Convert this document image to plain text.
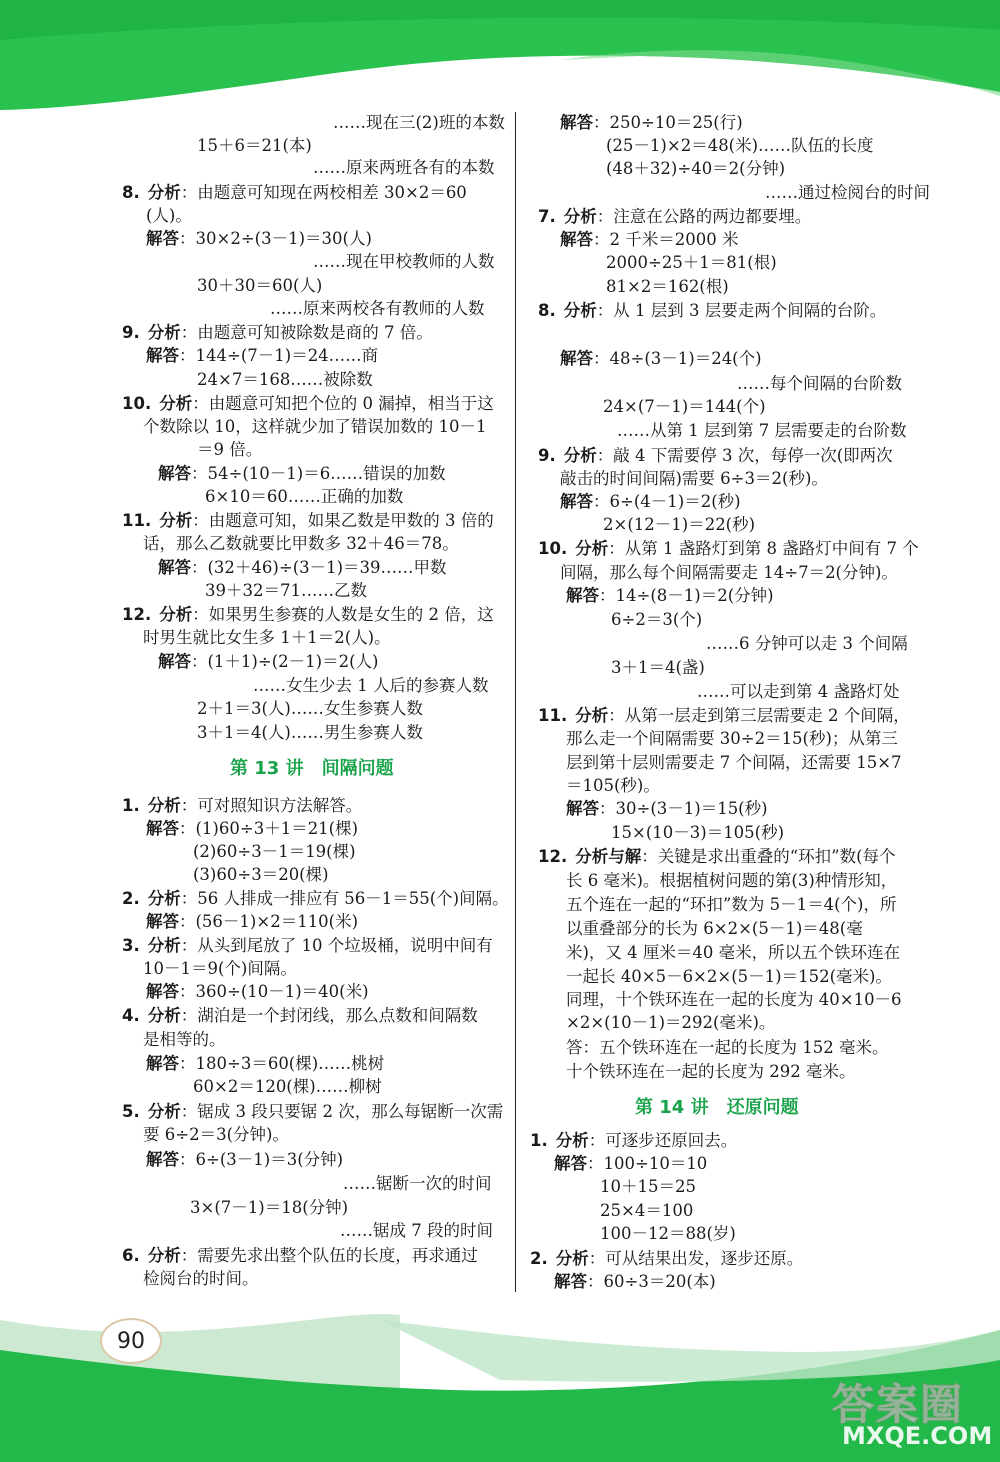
……现在三(2)班的本数
15＋6＝21(本)
……原来两班各有的本数
8. 分析：由题意可知现在两校相差 30×2＝60
(人)。
解答：30×2÷(3－1)＝30(人)
……现在甲校教师的人数
30＋30＝60(人)
……原来两校各有教师的人数
9. 分析：由题意可知被除数是商的 7 倍。
解答：144÷(7－1)＝24……商
24×7＝168……被除数
10. 分析：由题意可知把个位的 0 漏掉，相当于这
个数除以 10，这样就少加了错误加数的 10－1
＝9 倍。
解答：54÷(10－1)＝6……错误的加数
6×10＝60……正确的加数
11. 分析：由题意可知，如果乙数是甲数的 3 倍的
话，那么乙数就要比甲数多 32＋46＝78。
解答：(32＋46)÷(3－1)＝39……甲数
39＋32＝71……乙数
12. 分析：如果男生参赛的人数是女生的 2 倍，这
时男生就比女生多 1＋1＝2(人)。
解答：(1＋1)÷(2－1)＝2(人)
……女生少去 1 人后的参赛人数
2＋1＝3(人)……女生参赛人数
3＋1＝4(人)……男生参赛人数
第 13 讲 间隔问题
1. 分析：可对照知识方法解答。
解答：(1)60÷3＋1＝21(棵)
(2)60÷3－1＝19(棵)
(3)60÷3＝20(棵)
2. 分析：56 人排成一排应有 56－1＝55(个)间隔。
解答：(56－1)×2＝110(米)
3. 分析：从头到尾放了 10 个垃圾桶，说明中间有
10－1＝9(个)间隔。
解答：360÷(10－1)＝40(米)
4. 分析：湖泊是一个封闭线，那么点数和间隔数
是相等的。
解答：180÷3＝60(棵)……桃树
60×2＝120(棵)……柳树
5. 分析：锯成 3 段只要锯 2 次，那么每锯断一次需
要 6÷2＝3(分钟)。
解答：6÷(3－1)＝3(分钟)
……锯断一次的时间
3×(7－1)＝18(分钟)
……锯成 7 段的时间
6. 分析：需要先求出整个队伍的长度，再求通过
检阅台的时间。
解答：250÷10＝25(行)
(25－1)×2＝48(米)……队伍的长度
(48＋32)÷40＝2(分钟)
……通过检阅台的时间
7. 分析：注意在公路的两边都要埋。
解答：2 千米＝2000 米
2000÷25＋1＝81(根)
81×2＝162(根)
8. 分析：从 1 层到 3 层要走两个间隔的台阶。
解答：48÷(3－1)＝24(个)
……每个间隔的台阶数
24×(7－1)＝144(个)
……从第 1 层到第 7 层需要走的台阶数
9. 分析：敲 4 下需要停 3 次，每停一次(即两次
敲击的时间间隔)需要 6÷3＝2(秒)。
解答：6÷(4－1)＝2(秒)
2×(12－1)＝22(秒)
10. 分析：从第 1 盏路灯到第 8 盏路灯中间有 7 个
间隔，那么每个间隔需要走 14÷7＝2(分钟)。
解答：14÷(8－1)＝2(分钟)
6÷2＝3(个)
……6 分钟可以走 3 个间隔
3＋1＝4(盏)
……可以走到第 4 盏路灯处
11. 分析：从第一层走到第三层需要走 2 个间隔，
那么走一个间隔需要 30÷2＝15(秒)；从第三
层到第十层则需要走 7 个间隔，还需要 15×7
＝105(秒)。
解答：30÷(3－1)＝15(秒)
15×(10－3)＝105(秒)
12. 分析与解：关键是求出重叠的“环扣”数(每个
长 6 毫米)。根据植树问题的第(3)种情形知，
五个连在一起的“环扣”数为 5－1＝4(个)，所
以重叠部分的长为 6×2×(5－1)＝48(毫
米)，又 4 厘米＝40 毫米，所以五个铁环连在
一起长 40×5－6×2×(5－1)＝152(毫米)。
同理，十个铁环连在一起的长度为 40×10－6
×2×(10－1)＝292(毫米)。
答：五个铁环连在一起的长度为 152 毫米。
十个铁环连在一起的长度为 292 毫米。
第 14 讲 还原问题
1. 分析：可逐步还原回去。
解答：100÷10＝10
10＋15＝25
25×4＝100
100－12＝88(岁)
2. 分析：可从结果出发，逐步还原。
解答：60÷3＝20(本)
90
答案圈
MXQE.COM
